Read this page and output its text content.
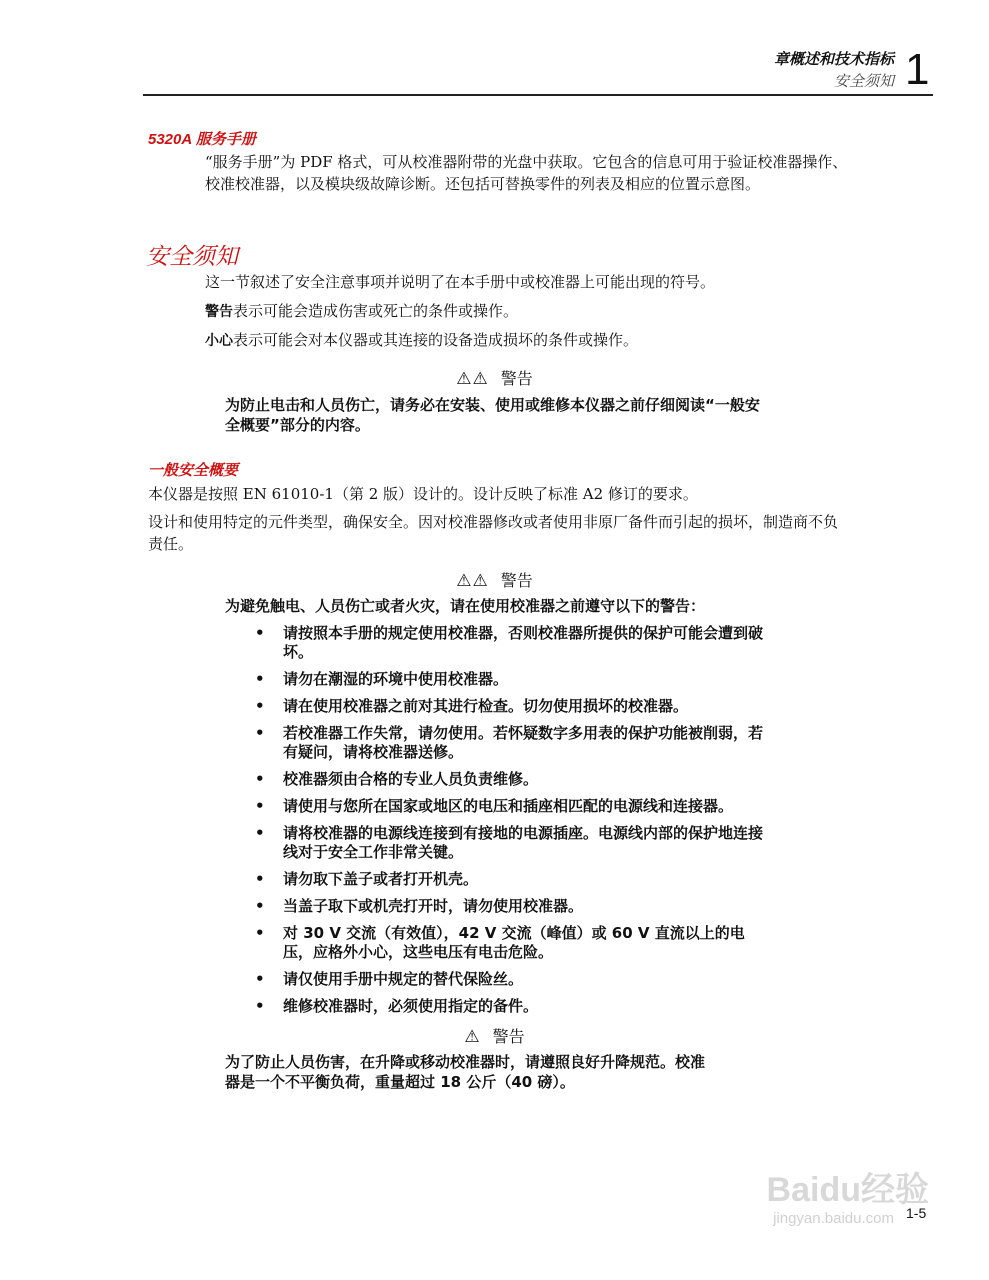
章概述和技术指标
安全须知 1
5320A 服务手册
“服务手册”为 PDF 格式，可从校准器附带的光盘中获取。它包含的信息可用于验证校准器操作、校准校准器，以及模块级故障诊断。还包括可替换零件的列表及相应的位置示意图。
安全须知
这一节叙述了安全注意事项并说明了在本手册中或校准器上可能出现的符号。
警告表示可能会造成伤害或死亡的条件或操作。
小心表示可能会对本仪器或其连接的设备造成损坏的条件或操作。
⚠⚠ 警告
为防止电击和人员伤亡，请务必在安装、使用或维修本仪器之前仔细阅读“一般安全概要”部分的内容。
一般安全概要
本仪器是按照 EN 61010-1（第 2 版）设计的。设计反映了标准 A2 修订的要求。
设计和使用特定的元件类型，确保安全。因对校准器修改或者使用非原厂备件而引起的损坏，制造商不负责任。
⚠⚠ 警告
为避免触电、人员伤亡或者火灾，请在使用校准器之前遵守以下的警告：
• 请按照本手册的规定使用校准器，否则校准器所提供的保护可能会遭到破坏。
• 请勿在潮湿的环境中使用校准器。
• 请在使用校准器之前对其进行检查。切勿使用损坏的校准器。
• 若校准器工作失常，请勿使用。若怀疑数字多用表的保护功能被削弱，若有疑问，请将校准器送修。
• 校准器须由合格的专业人员负责维修。
• 请使用与您所在国家或地区的电压和插座相匹配的电源线和连接器。
• 请将校准器的电源线连接到有接地的电源插座。电源线内部的保护地连接线对于安全工作非常关键。
• 请勿取下盖子或者打开机壳。
• 当盖子取下或机壳打开时，请勿使用校准器。
• 对 30 V 交流（有效值），42 V 交流（峰值）或 60 V 直流以上的电压，应格外小心，这些电压有电击危险。
• 请仅使用手册中规定的替代保险丝。
• 维修校准器时，必须使用指定的备件。
⚠ 警告
为了防止人员伤害，在升降或移动校准器时，请遵照良好升降规范。校准器是一个不平衡负荷，重量超过 18 公斤（40 磅）。
Baidu经验
jingyan.baidu.com 1-5
